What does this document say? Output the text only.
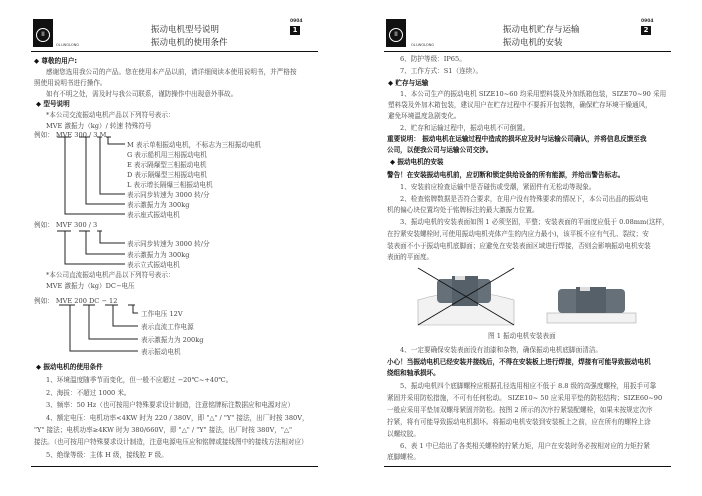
II
OLI-WOLONG
振动电机型号说明
振动电机的使用条件
0904
1
II
OLI-WOLONG
振动电机贮存与运输
振动电机的安装
0904
2
◆ 尊敬的用户:
感谢您选用我公司的产品。您在使用本产品以前，请详细阅读本使用说明书，并严格按
照使用说明书进行操作。
如有不明之处，需及时与我公司联系，谨防操作中出现意外事故。
◆ 型号说明
*本公司交流振动电机产品以下列符号表示：
MVE 激振力（kg）/ 转速 特殊符号
例如： MVE 300 / 3 M
M 表示单相振动电机，不标志为三相振动电机
G 表示船机用三相振动电机
E 表示隔爆型三相振动电机
D 表示隔爆型三相振动电机
L 表示增长隔爆三相振动电机
表示同步转速为 3000 转/分
表示激振力为 300kg
表示座式振动电机
例如： MVF 300 / 3
表示同步转速为 3000 转/分
表示激振力为 300kg
表示立式振动电机
*本公司直流振动电机产品以下列符号表示：
MVE 激振力（kg）DC−电压
例如： MVE 200 DC − 12
工作电压 12V
表示直流工作电源
表示激振力为 200kg
表示振动电机
◆ 振动电机的使用条件
1、环境温度随季节而变化，但一般不应超过 −20℃~+40℃。
2、海拔：不超过 1000 米。
3、频率：50 Hz（也可按用户特殊要求设计制造，注意铭牌标注数据应和电源对应）
4、额定电压：电机功率<4KW 时为 220 / 380V，即 "△" / "Y" 接法，出厂时按 380V，
"Y" 接法；电机功率≥4KW 时为 380/660V，即 "△" / "Y" 接法，出厂时按 380V，"△"
接法。（也可按用户特殊要求设计制造，注意电源电压应和铭牌或接线图中的接线方法相对应）
5、绝缘等级：主体 H 级，接线腔 F 级。
6、防护等级：IP65。
7、工作方式：S1（连续）。
◆ 贮存与运输
1、本公司生产的振动电机 SIZE10~60 均采用塑料袋及外加纸箱包装，SIZE70~90 采用
塑料袋及外加木箱包装，建议用户在贮存过程中不要拆开包装物，确保贮存环境干燥通风，
避免环境温度急剧变化。
2、贮存和运输过程中，振动电机不可倒置。
重要说明： 振动电机在运输过程中造成的损坏应及时与运输公司确认，并将信息反馈至我
公司，以便我公司与运输公司交涉。
◆ 振动电机的安装
警告！在安装振动电机前，应切断和锁定供给设备的所有能源，并给出警告标志。
1、安装前应检查运输中是否碰伤或受潮，紧固件有无松动等现象。
2、检查铭牌数据是否符合要求，在用户没有特殊要求的情况下，本公司出品的振动电
机的偏心块位置均处于铭牌标注的最大激振力位置。
3、振动电机的安装表面如图 1 必须坚固，平整；安装表面的平面度应低于 0.08mm(这样，
在拧紧安装螺栓时,可使用振动电机壳体产生的内应力最小)，该平板不应有气孔、裂纹；安
装表面不小于振动电机底脚面；应避免在安装表面区域进行焊接，否则会影响振动电机安装
表面的平面度。
图 1 振动电机安装表面
4、一定要确保安装表面没有油漆和杂物，确保振动电机底脚面清洁。
小心！当振动电机已经安装并接线后，不得在安装板上进行焊接，焊接有可能导致振动电机
绕组和轴承损坏。
5、振动电机四个底脚螺栓应根据孔径选用相应不低于 8.8 级的高强度螺栓，用扳手可靠
紧固并采用防松措施，不可有任何松动。 SIZE10~ 50 应采用平垫的防松结构；SIZE60~90
一般应采用平垫加双螺母紧固并防松。按图 2 所示的次序拧紧装配螺栓，如果未按规定次序
拧紧，将有可能导致振动电机损坏。将振动电机安装到安装板上之前，应在所有的螺栓上涂
以螺纹胶。
6、表 1 中已给出了各类相关螺栓的拧紧力矩，用户在安装时务必按相对应的力矩拧紧
底脚螺栓。
